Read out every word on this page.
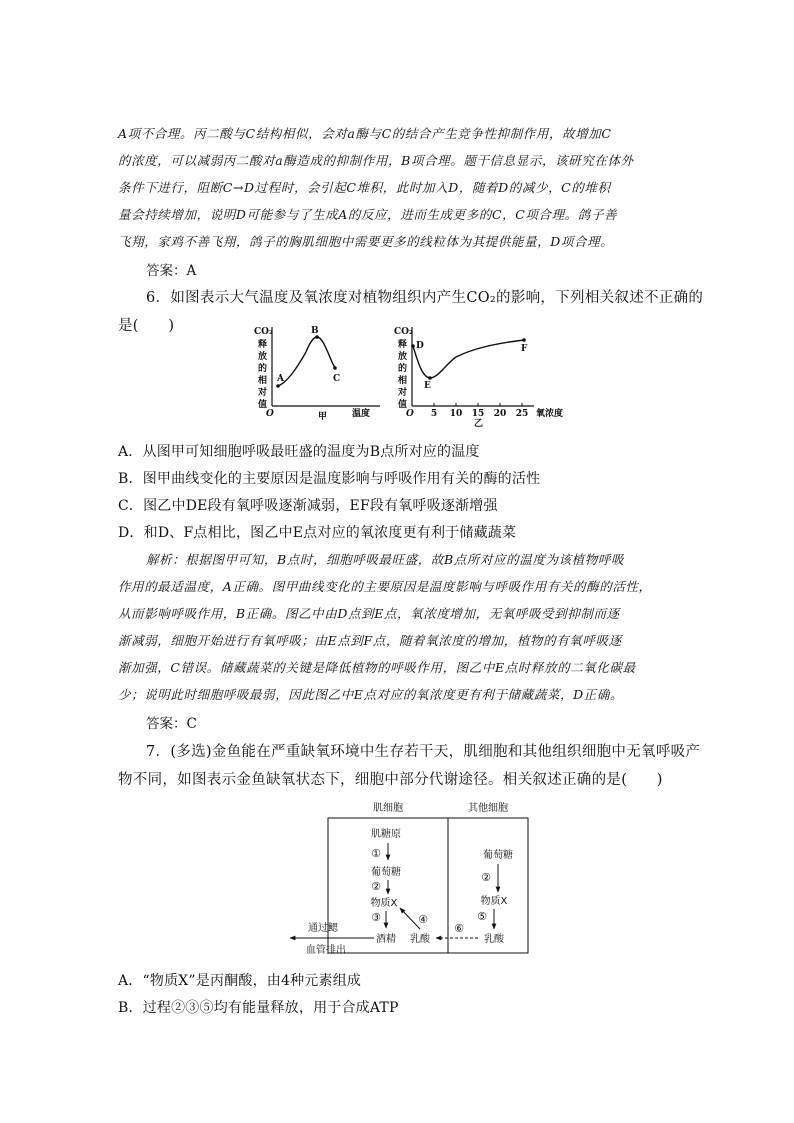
A项不合理。丙二酸与C结构相似，会对a酶与C的结合产生竞争性抑制作用，故增加C
的浓度，可以减弱丙二酸对a酶造成的抑制作用，B项合理。题干信息显示，该研究在体外
条件下进行，阻断C→D过程时，会引起C堆积，此时加入D，随着D的减少，C的堆积
量会持续增加，说明D可能参与了生成A的反应，进而生成更多的C，C项合理。鸽子善
飞翔，家鸡不善飞翔，鸽子的胸肌细胞中需要更多的线粒体为其提供能量，D项合理。
答案：A
6．如图表示大气温度及氧浓度对植物组织内产生CO₂的影响，下列相关叙述不正确的
是(　　)	CO₂
释
放
的
相
对
值
O
A
B
C
甲	温度
CO₂
释
放
的
相
对
值
O 5 10 15 20 25
D
E
F
乙
氧浓度
A．从图甲可知细胞呼吸最旺盛的温度为B点所对应的温度
B．图甲曲线变化的主要原因是温度影响与呼吸作用有关的酶的活性
C．图乙中DE段有氧呼吸逐渐减弱，EF段有氧呼吸逐渐增强
D．和D、F点相比，图乙中E点对应的氧浓度更有利于储藏蔬菜
解析：根据图甲可知，B点时，细胞呼吸最旺盛，故B点所对应的温度为该植物呼吸
作用的最适温度，A正确。图甲曲线变化的主要原因是温度影响与呼吸作用有关的酶的活性，
从而影响呼吸作用，B正确。图乙中由D点到E点，氧浓度增加，无氧呼吸受到抑制而逐
渐减弱，细胞开始进行有氧呼吸；由E点到F点，随着氧浓度的增加，植物的有氧呼吸逐
渐加强，C错误。储藏蔬菜的关键是降低植物的呼吸作用，图乙中E点时释放的二氧化碳最
少；说明此时细胞呼吸最弱，因此图乙中E点对应的氧浓度更有利于储藏蔬菜，D正确。
答案：C
7．(多选)金鱼能在严重缺氧环境中生存若干天，肌细胞和其他组织细胞中无氧呼吸产
物不同，如图表示金鱼缺氧状态下，细胞中部分代谢途径。相关叙述正确的是(　　)
肌细胞	其他细胞
肌糖原
①
葡萄糖
②
物质X
③
酒精 乳酸
④
葡萄糖
②
物质X
⑤
乳酸
⑥
通过鳃
血管排出
A．“物质X”是丙酮酸，由4种元素组成
B．过程②③⑤均有能量释放，用于合成ATP
